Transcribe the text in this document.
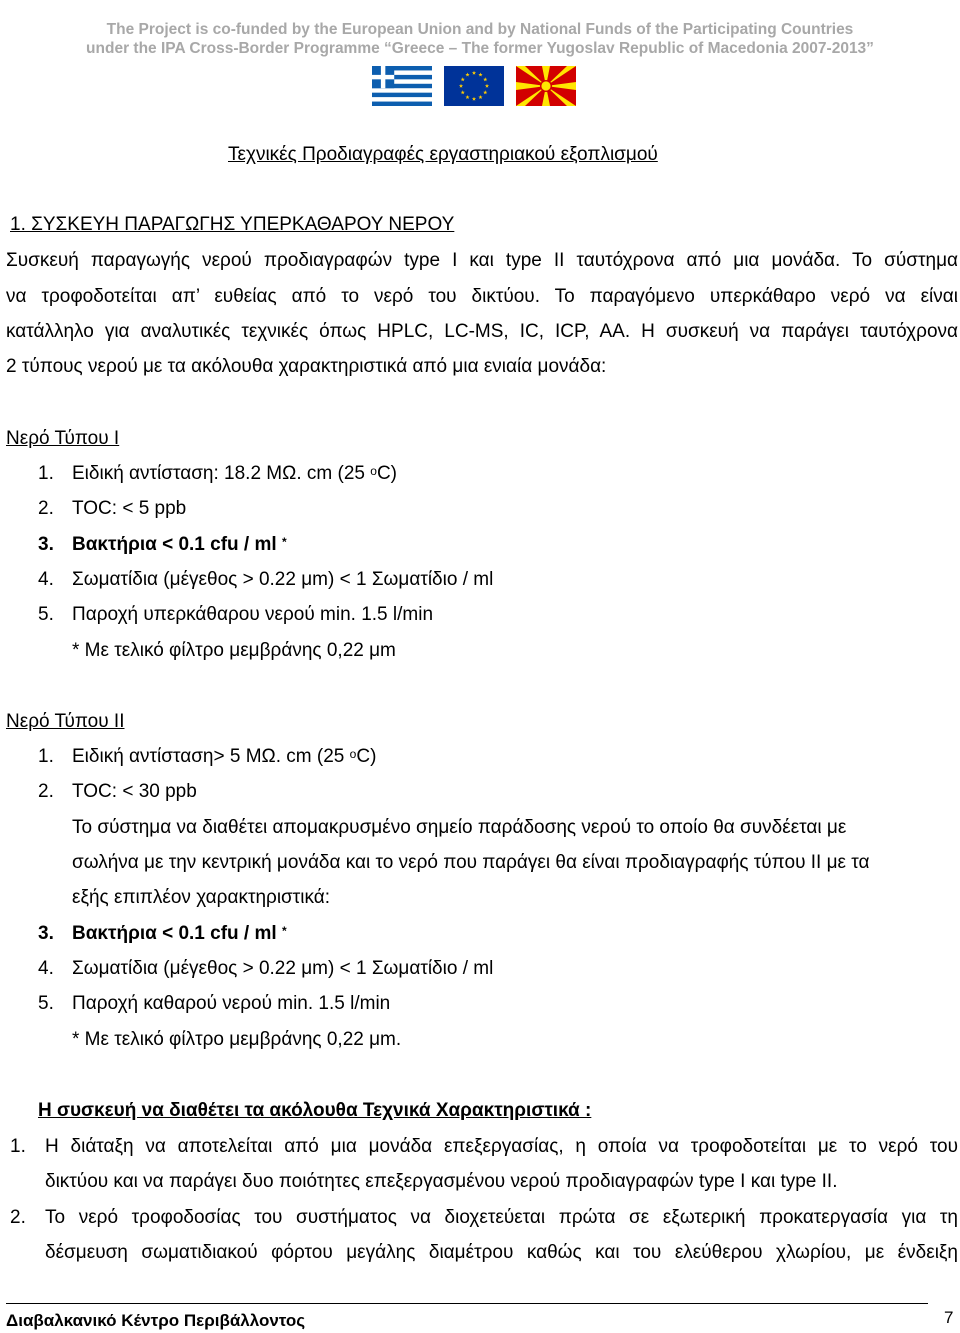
The Project is co-funded by the European Union and by National Funds of the Participating Countries
under the IPA Cross-Border Programme “Greece – The former Yugoslav Republic of Macedonia 2007-2013”
Τεχνικές Προδιαγραφές εργαστηριακού εξοπλισμού
1. ΣΥΣΚΕΥΗ ΠΑΡΑΓΩΓΗΣ ΥΠΕΡΚΑΘΑΡΟΥ ΝΕΡΟΥ
Συσκευή παραγωγής νερού προδιαγραφών type I και type II ταυτόχρονα από μια μονάδα. Το σύστημα
να τροφοδοτείται απ’ ευθείας από το νερό του δικτύου. Το παραγόμενο υπερκάθαρο νερό να είναι
κατάλληλο για αναλυτικές τεχνικές όπως HPLC, LC-MS, IC, ICP, AA. Η συσκευή να παράγει ταυτόχρονα
2 τύπους νερού με τα ακόλουθα χαρακτηριστικά από μια ενιαία μονάδα:
Νερό Τύπου I
1. Ειδική αντίσταση: 18.2 ΜΩ. cm (25 $^o$C)
2. TOC: < 5 ppb
3. Βακτήρια < 0.1 cfu / ml *
4. Σωματίδια (μέγεθος > 0.22 μm) < 1 Σωματίδιο / ml
5. Παροχή υπερκάθαρου νερού min. 1.5 l/min
* Με τελικό φίλτρο μεμβράνης 0,22 μm
Νερό Τύπου II
1. Ειδική αντίσταση> 5 ΜΩ. cm (25 $^o$C)
2. TOC: < 30 ppb
Το σύστημα να διαθέτει απομακρυσμένο σημείο παράδοσης νερού το οποίο θα συνδέεται με
σωλήνα με την κεντρική μονάδα και το νερό που παράγει θα είναι προδιαγραφής τύπου ΙΙ με τα
εξής επιπλέον χαρακτηριστικά:
3. Βακτήρια < 0.1 cfu / ml *
4. Σωματίδια (μέγεθος > 0.22 μm) < 1 Σωματίδιο / ml
5. Παροχή καθαρού νερού min. 1.5 l/min
* Με τελικό φίλτρο μεμβράνης 0,22 μm.
Η συσκευή να διαθέτει τα ακόλουθα Τεχνικά Χαρακτηριστικά :
1. Η διάταξη να αποτελείται από μια μονάδα επεξεργασίας, η οποία να τροφοδοτείται με το νερό του
δικτύου και να παράγει δυο ποιότητες επεξεργασμένου νερού προδιαγραφών type I και type II.
2. Το νερό τροφοδοσίας του συστήματος να διοχετεύεται πρώτα σε εξωτερική προκατεργασία για τη
δέσμευση σωματιδιακού φόρτου μεγάλης διαμέτρου καθώς και του ελεύθερου χλωρίου, με ένδειξη
Διαβαλκανικό Κέντρο Περιβάλλοντος	7
